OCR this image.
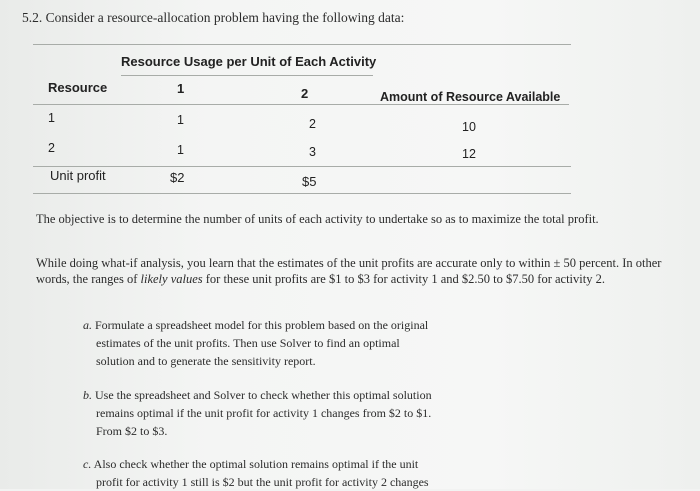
5.2. Consider a resource-allocation problem having the following data:
Resource Usage per Unit of Each Activity
Resource	1	2	Amount of Resource Available
1	1	2	10
2	1	3	12
Unit profit	$2	$5
The objective is to determine the number of units of each activity to undertake so as to maximize the total profit.
While doing what-if analysis, you learn that the estimates of the unit profits are accurate only to within ± 50 percent. In other
words, the ranges of likely values for these unit profits are $1 to $3 for activity 1 and $2.50 to $7.50 for activity 2.
a. Formulate a spreadsheet model for this problem based on the original
estimates of the unit profits. Then use Solver to find an optimal
solution and to generate the sensitivity report.
b. Use the spreadsheet and Solver to check whether this optimal solution
remains optimal if the unit profit for activity 1 changes from $2 to $1.
From $2 to $3.
c. Also check whether the optimal solution remains optimal if the unit
profit for activity 1 still is $2 but the unit profit for activity 2 changes
